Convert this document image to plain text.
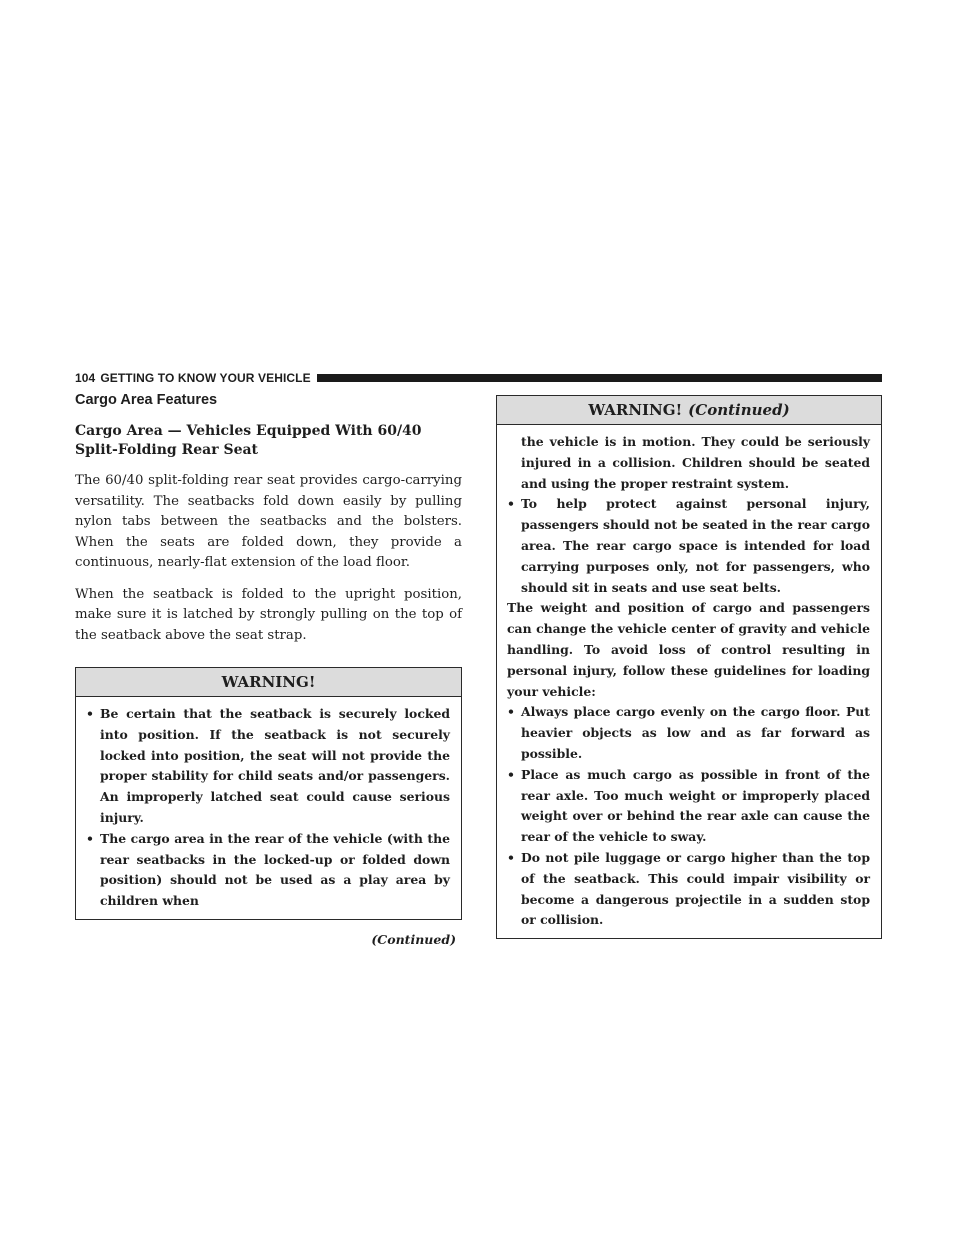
104 GETTING TO KNOW YOUR VEHICLE
Cargo Area Features
Cargo Area — Vehicles Equipped With 60/40 Split-Folding Rear Seat

The 60/40 split-folding rear seat provides cargo-carrying versatility. The seatbacks fold down easily by pulling nylon tabs between the seatbacks and the bolsters. When the seats are folded down, they provide a continuous, nearly-flat extension of the load floor.

When the seatback is folded to the upright position, make sure it is latched by strongly pulling on the top of the seatback above the seat strap.

WARNING!
• Be certain that the seatback is securely locked into position. If the seatback is not securely locked into position, the seat will not provide the proper stability for child seats and/or passengers. An improperly latched seat could cause serious injury.
• The cargo area in the rear of the vehicle (with the rear seatbacks in the locked-up or folded down position) should not be used as a play area by children when
(Continued)
WARNING! (Continued)
the vehicle is in motion. They could be seriously injured in a collision. Children should be seated and using the proper restraint system.
• To help protect against personal injury, passengers should not be seated in the rear cargo area. The rear cargo space is intended for load carrying purposes only, not for passengers, who should sit in seats and use seat belts.
The weight and position of cargo and passengers can change the vehicle center of gravity and vehicle handling. To avoid loss of control resulting in personal injury, follow these guidelines for loading your vehicle:
• Always place cargo evenly on the cargo floor. Put heavier objects as low and as far forward as possible.
• Place as much cargo as possible in front of the rear axle. Too much weight or improperly placed weight over or behind the rear axle can cause the rear of the vehicle to sway.
• Do not pile luggage or cargo higher than the top of the seatback. This could impair visibility or become a dangerous projectile in a sudden stop or collision.
